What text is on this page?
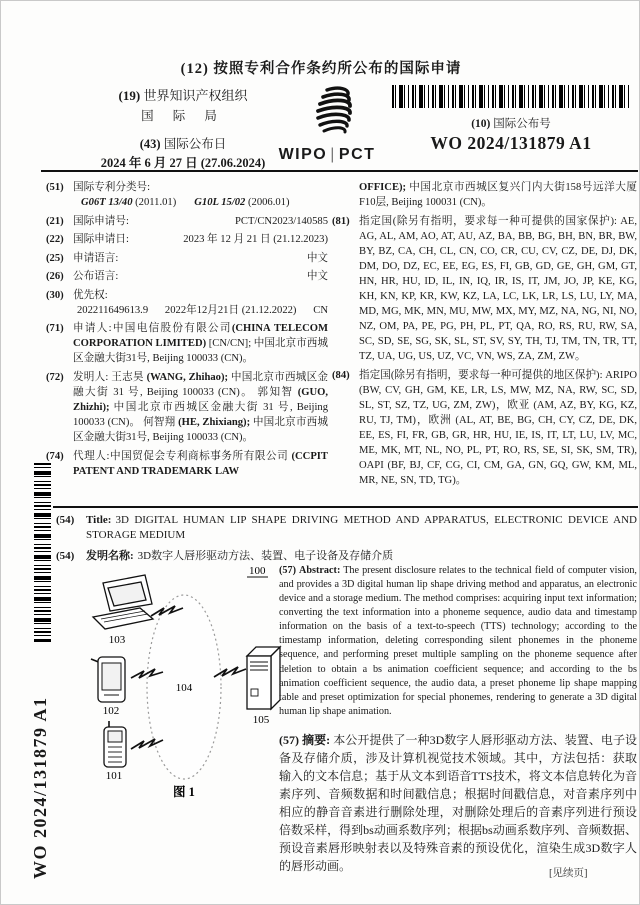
(12) 按照专利合作条约所公布的国际申请
(19) 世界知识产权组织
国 际 局
(43) 国际公布日
2024 年 6 月 27 日 (27.06.2024) WIPO | PCT
(10) 国际公布号
WO 2024/131879 A1
(51) 国际专利分类号:
G06T 13/40 (2011.01) G10L 15/02 (2006.01)
(21) 国际申请号:	PCT/CN2023/140585
(22) 国际申请日:	2023 年 12 月 21 日 (21.12.2023)
(25) 申请语言:	中文
(26) 公布语言:	中文
(30) 优先权:
202211649613.9 2022年12月21日 (21.12.2022) CN
(71) 申请人:中国电信股份有限公司(CHINA TELECOM CORPORATION LIMITED) [CN/CN]; 中国北京市西城区金融大街31号, Beijing 100033 (CN)。
(72) 发明人: 王志昊 (WANG, Zhihao); 中国北京市西城区金融大街 31 号, Beijing 100033 (CN)。 郭知智 (GUO, Zhizhi); 中国北京市西城区金融大街 31 号, Beijing 100033 (CN)。 何智翔 (HE, Zhixiang); 中国北京市西城区金融大街31号, Beijing 100033 (CN)。
(74) 代理人:中国贸促会专利商标事务所有限公司 (CCPIT PATENT AND TRADEMARK LAW
OFFICE); 中国北京市西城区复兴门内大街158号远洋大厦F10层, Beijing 100031 (CN)。
(81) 指定国(除另有指明，要求每一种可提供的国家保护): AE, AG, AL, AM, AO, AT, AU, AZ, BA, BB, BG, BH, BN, BR, BW, BY, BZ, CA, CH, CL, CN, CO, CR, CU, CV, CZ, DE, DJ, DK, DM, DO, DZ, EC, EE, EG, ES, FI, GB, GD, GE, GH, GM, GT, HN, HR, HU, ID, IL, IN, IQ, IR, IS, IT, JM, JO, JP, KE, KG, KH, KN, KP, KR, KW, KZ, LA, LC, LK, LR, LS, LU, LY, MA, MD, MG, MK, MN, MU, MW, MX, MY, MZ, NA, NG, NI, NO, NZ, OM, PA, PE, PG, PH, PL, PT, QA, RO, RS, RU, RW, SA, SC, SD, SE, SG, SK, SL, ST, SV, SY, TH, TJ, TM, TN, TR, TT, TZ, UA, UG, US, UZ, VC, VN, WS, ZA, ZM, ZW。
(84) 指定国(除另有指明，要求每一种可提供的地区保护): ARIPO (BW, CV, GH, GM, KE, LR, LS, MW, MZ, NA, RW, SC, SD, SL, ST, SZ, TZ, UG, ZM, ZW)，欧亚 (AM, AZ, BY, KG, KZ, RU, TJ, TM)，欧洲 (AL, AT, BE, BG, CH, CY, CZ, DE, DK, EE, ES, FI, FR, GB, GR, HR, HU, IE, IS, IT, LT, LU, LV, MC, ME, MK, MT, NL, NO, PL, PT, RO, RS, SE, SI, SK, SM, TR), OAPI (BF, BJ, CF, CG, CI, CM, GA, GN, GQ, GW, KM, ML, MR, NE, SN, TD, TG)。
(54)	Title: 3D DIGITAL HUMAN LIP SHAPE DRIVING METHOD AND APPARATUS, ELECTRONIC DEVICE AND STORAGE MEDIUM
(54)	发明名称: 3D数字人唇形驱动方法、装置、电子设备及存储介质
100
104
103
102
101
105
图 1
(57) Abstract: The present disclosure relates to the technical field of computer vision, and provides a 3D digital human lip shape driving method and apparatus, an electronic device and a storage medium. The method comprises: acquiring input text information; converting the text information into a phoneme sequence, audio data and timestamp information on the basis of a text-to-speech (TTS) technology; according to the timestamp information, deleting corresponding silent phonemes in the phoneme sequence, and performing preset multiple sampling on the phoneme sequence after deletion to obtain a bs animation coefficient sequence; and according to the bs animation coefficient sequence, the audio data, a preset phoneme lip shape mapping table and preset optimization for special phonemes, rendering to generate a 3D digital human lip shape animation.
(57) 摘要: 本公开提供了一种3D数字人唇形驱动方法、装置、电子设备及存储介质，涉及计算机视觉技术领域。其中，方法包括：获取输入的文本信息；基于从文本到语音TTS技术，将文本信息转化为音素序列、音频数据和时间戳信息；根据时间戳信息，对音素序列中相应的静音音素进行删除处理，对删除处理后的音素序列进行预设倍数采样，得到bs动画系数序列；根据bs动画系数序列、音频数据、预设音素唇形映射表以及特殊音素的预设优化，渲染生成3D数字人的唇形动画。
WO 2024/131879 A1	[见续页]
